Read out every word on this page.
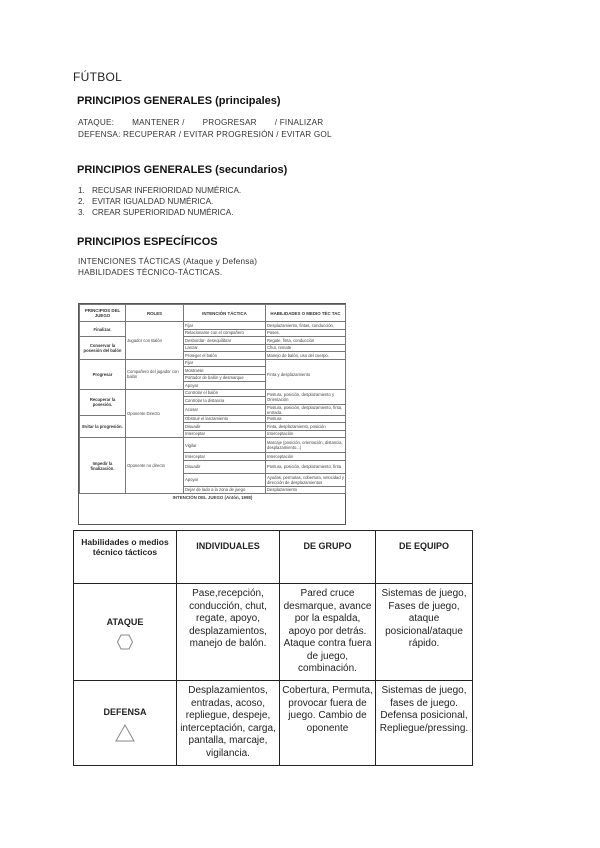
FÚTBOL
PRINCIPIOS GENERALES (principales)
ATAQUE: MANTENER / PROGRESAR / FINALIZAR
DEFENSA: RECUPERAR / EVITAR PROGRESIÓN / EVITAR GOL
PRINCIPIOS GENERALES (secundarios)
1. RECUSAR INFERIORIDAD NUMÉRICA.
2. EVITAR IGUALDAD NUMÉRICA.
3. CREAR SUPERIORIDAD NUMÉRICA.
PRINCIPIOS ESPECÍFICOS
INTENCIONES TÁCTICAS (Ataque y Defensa)
HABILIDADES TÉCNICO-TÁCTICAS.
PRINCIPIOS DEL JUEGO	ROLES	INTENCIÓN TÁCTICA	HABILIDADES O MEDIO TÉC TAC
Finalizar.	Jugador con Balón	Fijar	Desplazamiento, fintas, conducción.
		Relacionarse con el compañero	Pases.
Conservar la posesión del balón		Desbordar- desequilibrar	Regate, finta, conducción
		Lanzar	Chut, remate
		Proteger el balón	Manejo de balón, uso del cuerpo.
Progresar	Compañero del jugador con balón	Fijar	Finta y desplazamiento
		Mostrarse	
		Portador de balón y desmarque	
		Apoyar	
Recuperar la posesión.	Oponente Directo	Controlar el balón	Postura, posición, desplazamiento y Orientación
		Controlar la distancia	
		Acosar	Postura, posición, desplazamiento, finta, entrada.
Evitar la progresión.		Obstruir el lanzamiento	Postura
		Disuadir	Finta, desplazamiento, posición
		Interceptar	Interceptación
Impedir la finalización.	Oponente no directo	Vigilar	Marcaje (posición, orientación, distancia, desplazamiento...)
		Interceptar	Interceptación
		Disuadir	Postura, posición, desplazamiento, finta
		Apoyar	Ayudas, permutas, cobertura, velocidad y dirección de desplazamientos
		Dejar de lado a la zona de juego	Desplazamiento
INTENCIÓN DEL JUEGO (Antón, 1998)			
Habilidades o medios técnico tácticos	INDIVIDUALES	DE GRUPO	DE EQUIPO
ATAQUE	Pase,recepción, conducción, chut, regate, apoyo, desplazamientos, manejo de balón.	Pared cruce desmarque, avance por la espalda, apoyo por detrás. Ataque contra fuera de juego, combinación.	Sistemas de juego, Fases de juego, ataque posicional/ataque rápido.
DEFENSA	Desplazamientos, entradas, acoso, repliegue, despeje, interceptación, carga, pantalla, marcaje, vigilancia.	Cobertura, Permuta, provocar fuera de juego. Cambio de oponente	Sistemas de juego, fases de juego. Defensa posicional, Repliegue/pressing.
